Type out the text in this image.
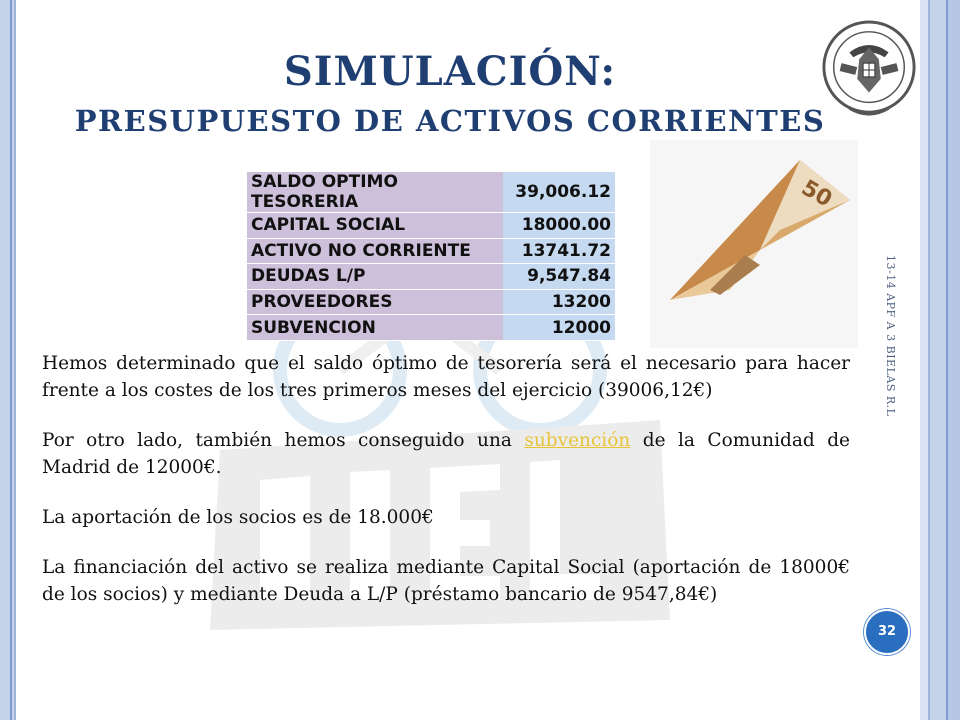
SIMULACIÓN:
PRESUPUESTO DE ACTIVOS CORRIENTES
50
SALDO OPTIMO TESORERIA	39,006.12
CAPITAL SOCIAL	18000.00
ACTIVO NO CORRIENTE	13741.72
DEUDAS L/P	9,547.84
PROVEEDORES	13200
SUBVENCION	12000	13-14 APF A 3 BIELAS R.L

Hemos determinado que el saldo óptimo de tesorería será el necesario para hacer frente a los costes de los tres primeros meses del ejercicio (39006,12€)

Por otro lado, también hemos conseguido una subvención de la Comunidad de Madrid de 12000€.

La aportación de los socios es de 18.000€

La financiación del activo se realiza mediante Capital Social (aportación de 18000€ de los socios) y mediante Deuda a L/P (préstamo bancario de 9547,84€)

32
